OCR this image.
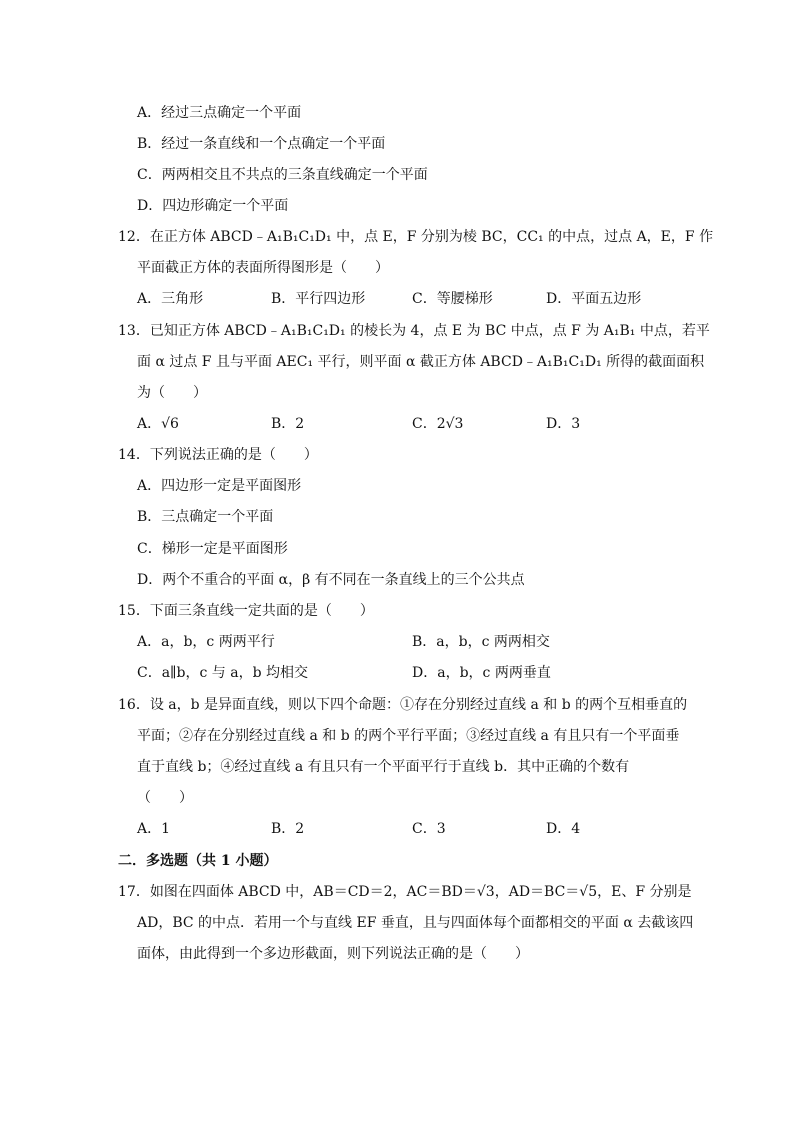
A．经过三点确定一个平面
B．经过一条直线和一个点确定一个平面
C．两两相交且不共点的三条直线确定一个平面
D．四边形确定一个平面
12．在正方体 ABCD﹣A₁B₁C₁D₁ 中，点 E，F 分别为棱 BC，CC₁ 的中点，过点 A，E，F 作
平面截正方体的表面所得图形是（　　）
A．三角形	B．平行四边形	C．等腰梯形	D．平面五边形
13．已知正方体 ABCD﹣A₁B₁C₁D₁ 的棱长为 4，点 E 为 BC 中点，点 F 为 A₁B₁ 中点，若平
面 α 过点 F 且与平面 AEC₁ 平行，则平面 α 截正方体 ABCD﹣A₁B₁C₁D₁ 所得的截面面积
为（　　）
A．√6	B．2	C．2√3	D．3
14．下列说法正确的是（　　）
A．四边形一定是平面图形
B．三点确定一个平面
C．梯形一定是平面图形
D．两个不重合的平面 α，β 有不同在一条直线上的三个公共点
15．下面三条直线一定共面的是（　　）
A．a，b，c 两两平行	B．a，b，c 两两相交
C．a∥b，c 与 a，b 均相交	D．a，b，c 两两垂直
16．设 a，b 是异面直线，则以下四个命题：①存在分别经过直线 a 和 b 的两个互相垂直的
平面；②存在分别经过直线 a 和 b 的两个平行平面；③经过直线 a 有且只有一个平面垂
直于直线 b；④经过直线 a 有且只有一个平面平行于直线 b．其中正确的个数有
（　　）
A．1	B．2	C．3	D．4
二．多选题（共 1 小题）
17．如图在四面体 ABCD 中，AB＝CD＝2，AC＝BD＝√3，AD＝BC＝√5，E、F 分别是
AD，BC 的中点．若用一个与直线 EF 垂直，且与四面体每个面都相交的平面 α 去截该四
面体，由此得到一个多边形截面，则下列说法正确的是（　　）
